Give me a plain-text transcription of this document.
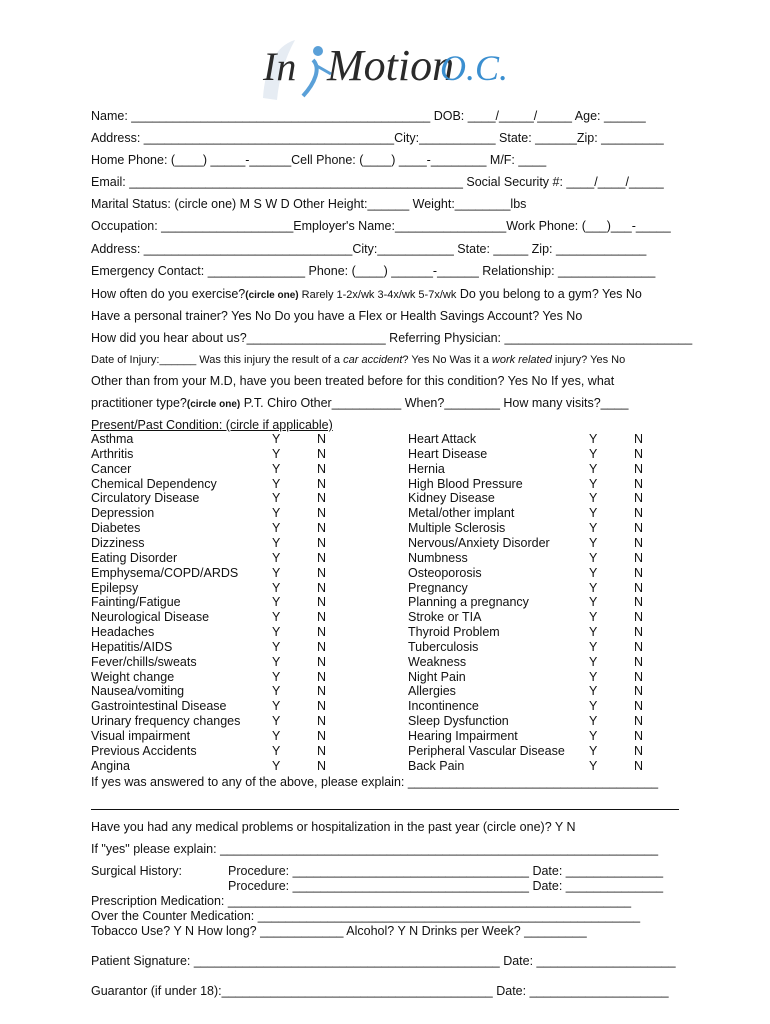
In Motion
O.C.
Name: ___________________________________________ DOB: ____/_____/_____ Age: ______
Address: ____________________________________City:___________ State: ______Zip: _________
Home Phone: (____) _____-______Cell Phone: (____) ____-________ M/F: ____
Email: ________________________________________________ Social Security #: ____/____/_____
Marital Status: (circle one) M S W D Other Height:______ Weight:________lbs
Occupation: ___________________Employer's Name:________________Work Phone: (___)___-_____
Address: ______________________________City:___________ State: _____ Zip: _____________
Emergency Contact: ______________ Phone: (____) ______-______ Relationship: ______________
How often do you exercise?(circle one) Rarely 1-2x/wk 3-4x/wk 5-7x/wk Do you belong to a gym? Yes No
Have a personal trainer? Yes No Do you have a Flex or Health Savings Account? Yes No
How did you hear about us?____________________ Referring Physician: ___________________________
Date of Injury:______ Was this injury the result of a car accident? Yes No Was it a work related injury? Yes No
Other than from your M.D, have you been treated before for this condition? Yes No If yes, what
practitioner type?(circle one) P.T. Chiro Other__________ When?________ How many visits?____
Present/Past Condition: (circle if applicable)
Asthma	Y	N
Arthritis	Y	N
Cancer	Y	N
Chemical Dependency	Y	N
Circulatory Disease	Y	N
Depression	Y	N
Diabetes	Y	N
Dizziness	Y	N
Eating Disorder	Y	N
Emphysema/COPD/ARDS	Y	N
Epilepsy	Y	N
Fainting/Fatigue	Y	N
Neurological Disease	Y	N
Headaches	Y	N
Hepatitis/AIDS	Y	N
Fever/chills/sweats	Y	N
Weight change	Y	N
Nausea/vomiting	Y	N
Gastrointestinal Disease	Y	N
Urinary frequency changes	Y	N
Visual impairment	Y	N
Previous Accidents	Y	N
Angina	Y	N
Heart Attack	Y	N
Heart Disease	Y	N
Hernia	Y	N
High Blood Pressure	Y	N
Kidney Disease	Y	N
Metal/other implant	Y	N
Multiple Sclerosis	Y	N
Nervous/Anxiety Disorder	Y	N
Numbness	Y	N
Osteoporosis	Y	N
Pregnancy	Y	N
Planning a pregnancy	Y	N
Stroke or TIA	Y	N
Thyroid Problem	Y	N
Tuberculosis	Y	N
Weakness	Y	N
Night Pain	Y	N
Allergies	Y	N
Incontinence	Y	N
Sleep Dysfunction	Y	N
Hearing Impairment	Y	N
Peripheral Vascular Disease Y	N
Back Pain	Y	N
If yes was answered to any of the above, please explain: ____________________________________
Have you had any medical problems or hospitalization in the past year (circle one)? Y N
If "yes" please explain: _______________________________________________________________
Surgical History:	Procedure: __________________________________ Date: ______________
Procedure: __________________________________ Date: ______________
Prescription Medication: __________________________________________________________
Over the Counter Medication: _______________________________________________________
Tobacco Use? Y N How long? ____________ Alcohol? Y N Drinks per Week? _________
Patient Signature: ____________________________________________ Date: ____________________
Guarantor (if under 18):_______________________________________ Date: ____________________
